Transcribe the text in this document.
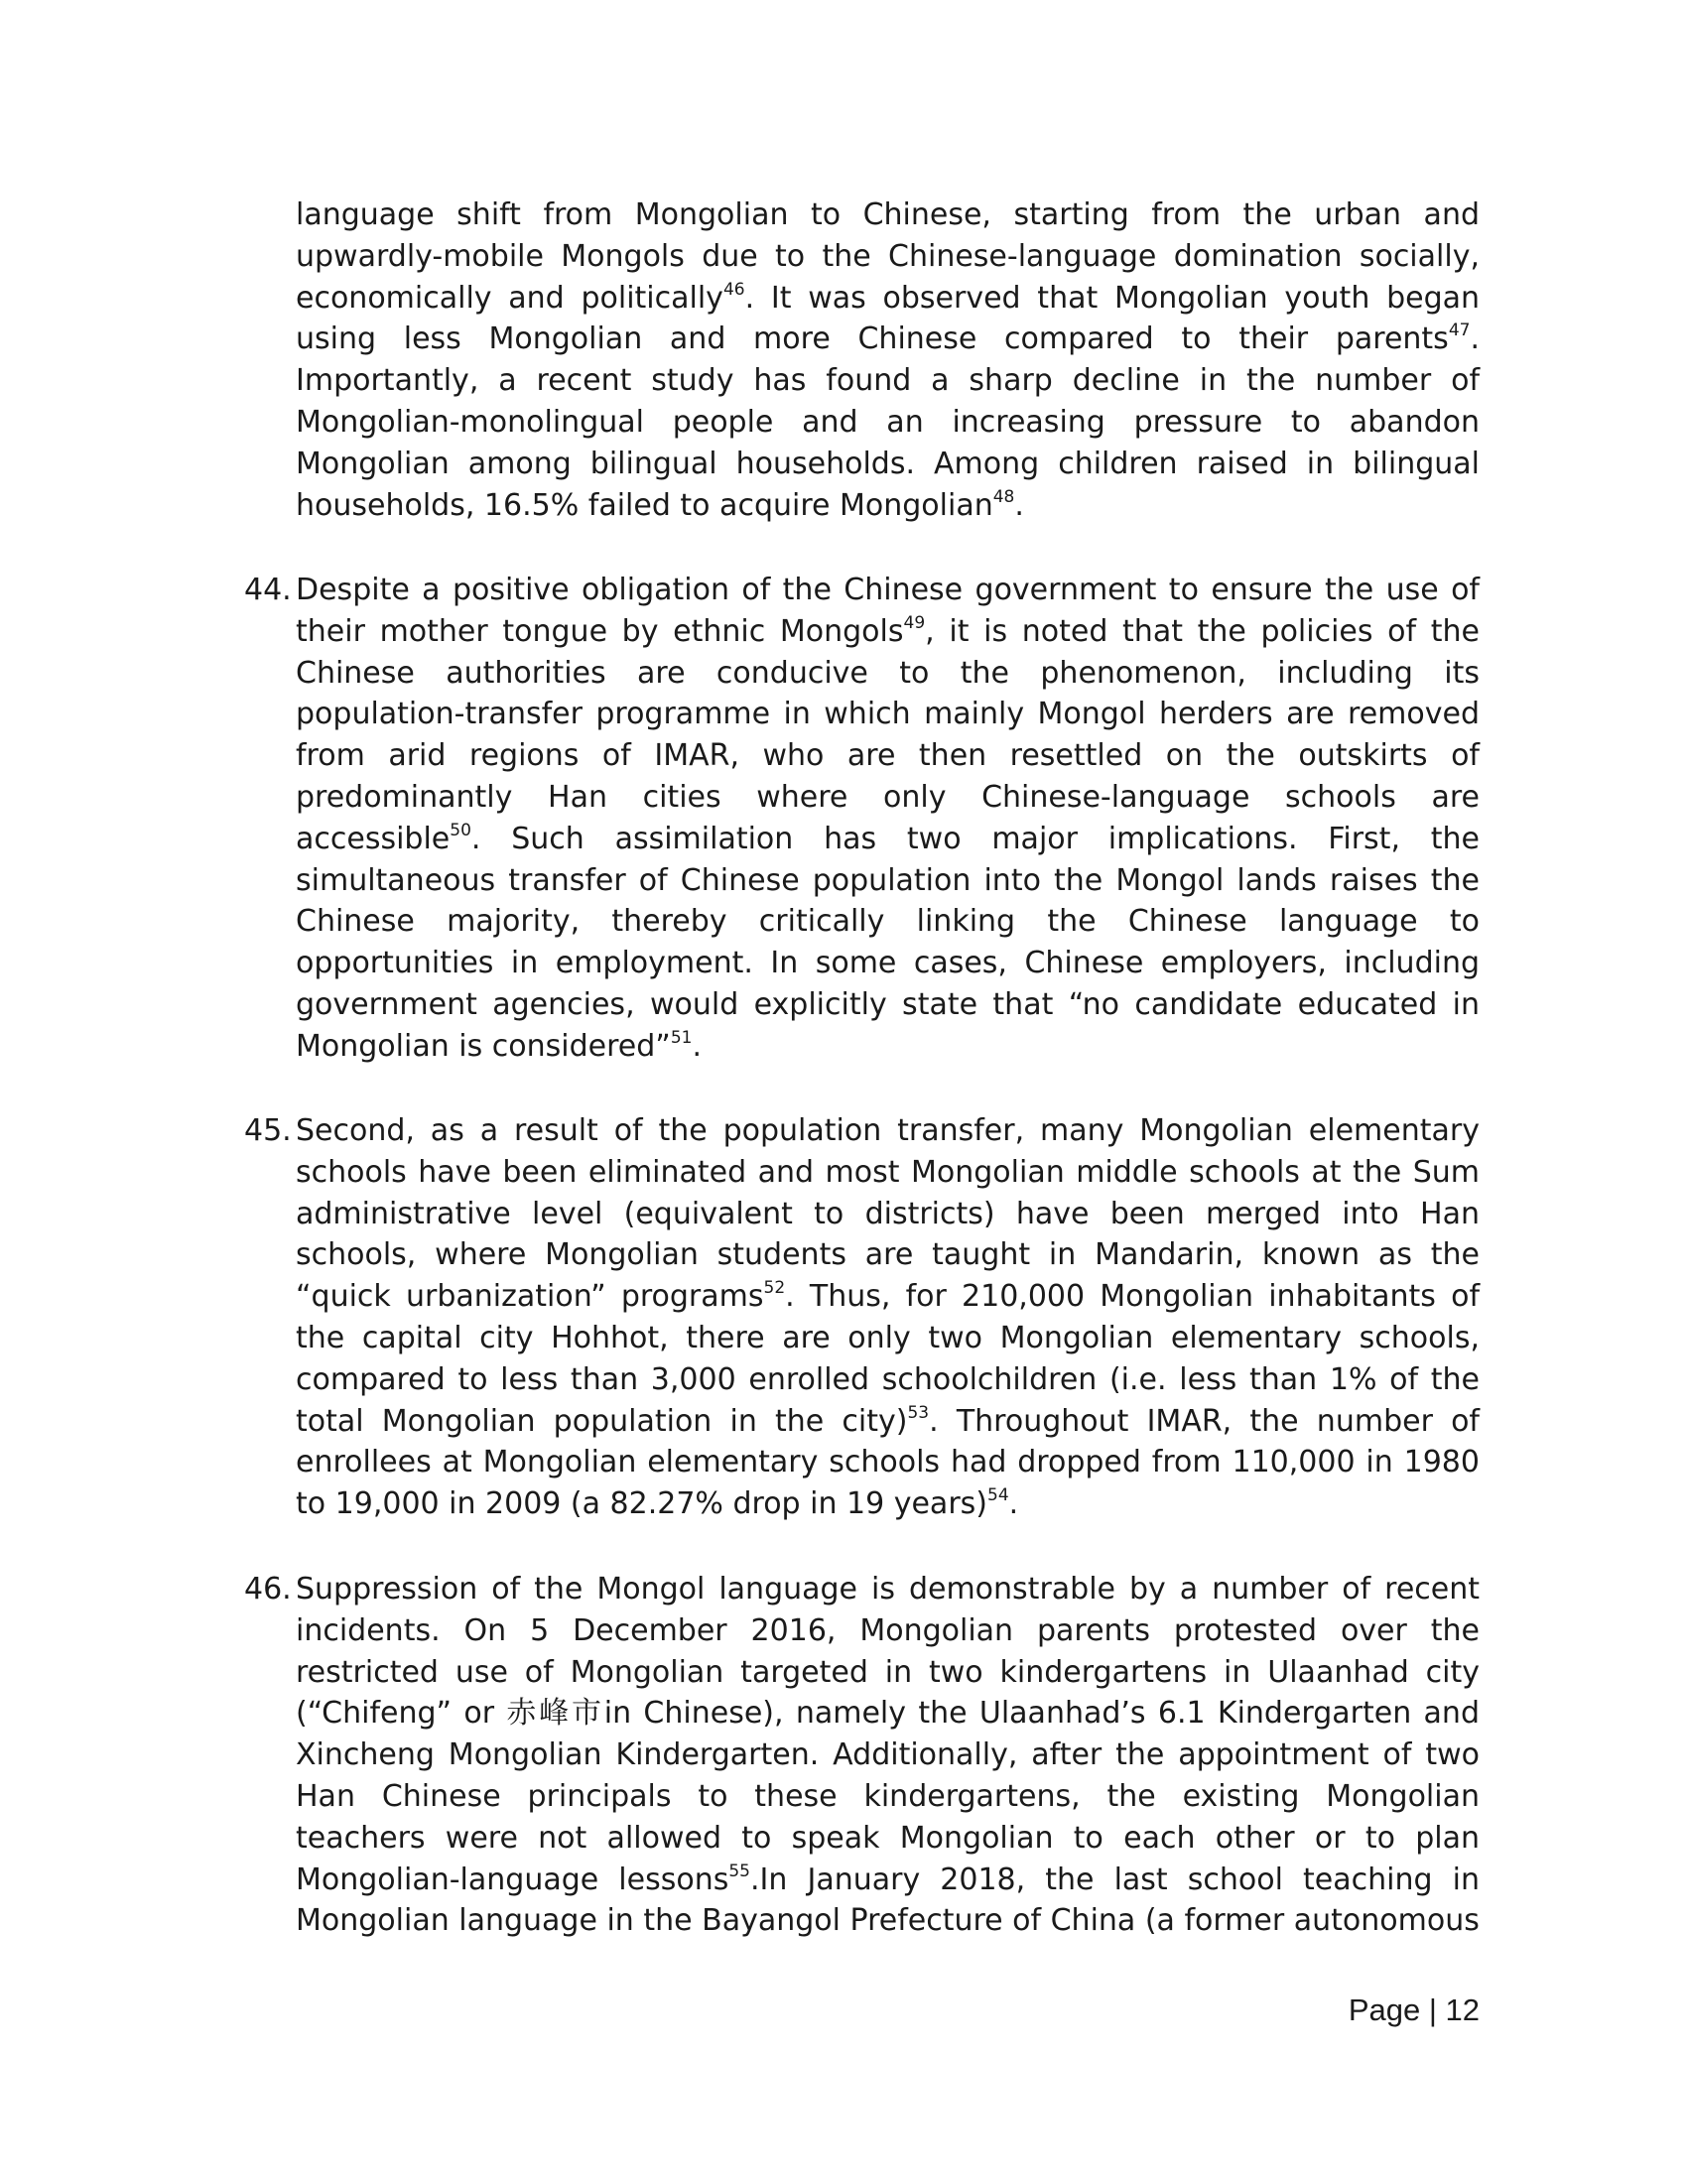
language shift from Mongolian to Chinese, starting from the urban and upwardly-mobile Mongols due to the Chinese-language domination socially, economically and politically$^{46}$. It was observed that Mongolian youth began using less Mongolian and more Chinese compared to their parents$^{47}$. Importantly, a recent study has found a sharp decline in the number of Mongolian-monolingual people and an increasing pressure to abandon Mongolian among bilingual households. Among children raised in bilingual households, 16.5% failed to acquire Mongolian$^{48}$.

44. Despite a positive obligation of the Chinese government to ensure the use of their mother tongue by ethnic Mongols$^{49}$, it is noted that the policies of the Chinese authorities are conducive to the phenomenon, including its population-transfer programme in which mainly Mongol herders are removed from arid regions of IMAR, who are then resettled on the outskirts of predominantly Han cities where only Chinese-language schools are accessible$^{50}$. Such assimilation has two major implications. First, the simultaneous transfer of Chinese population into the Mongol lands raises the Chinese majority, thereby critically linking the Chinese language to opportunities in employment. In some cases, Chinese employers, including government agencies, would explicitly state that “no candidate educated in Mongolian is considered”$^{51}$.

45. Second, as a result of the population transfer, many Mongolian elementary schools have been eliminated and most Mongolian middle schools at the Sum administrative level (equivalent to districts) have been merged into Han schools, where Mongolian students are taught in Mandarin, known as the “quick urbanization” programs$^{52}$. Thus, for 210,000 Mongolian inhabitants of the capital city Hohhot, there are only two Mongolian elementary schools, compared to less than 3,000 enrolled schoolchildren (i.e. less than 1% of the total Mongolian population in the city)$^{53}$. Throughout IMAR, the number of enrollees at Mongolian elementary schools had dropped from 110,000 in 1980 to 19,000 in 2009 (a 82.27% drop in 19 years)$^{54}$.

46. Suppression of the Mongol language is demonstrable by a number of recent incidents. On 5 December 2016, Mongolian parents protested over the restricted use of Mongolian targeted in two kindergartens in Ulaanhad city (“Chifeng” or 赤峰市in Chinese), namely the Ulaanhad’s 6.1 Kindergarten and Xincheng Mongolian Kindergarten. Additionally, after the appointment of two Han Chinese principals to these kindergartens, the existing Mongolian teachers were not allowed to speak Mongolian to each other or to plan Mongolian-language lessons$^{55}$.In January 2018, the last school teaching in Mongolian language in the Bayangol Prefecture of China (a former autonomous

Page | 12
